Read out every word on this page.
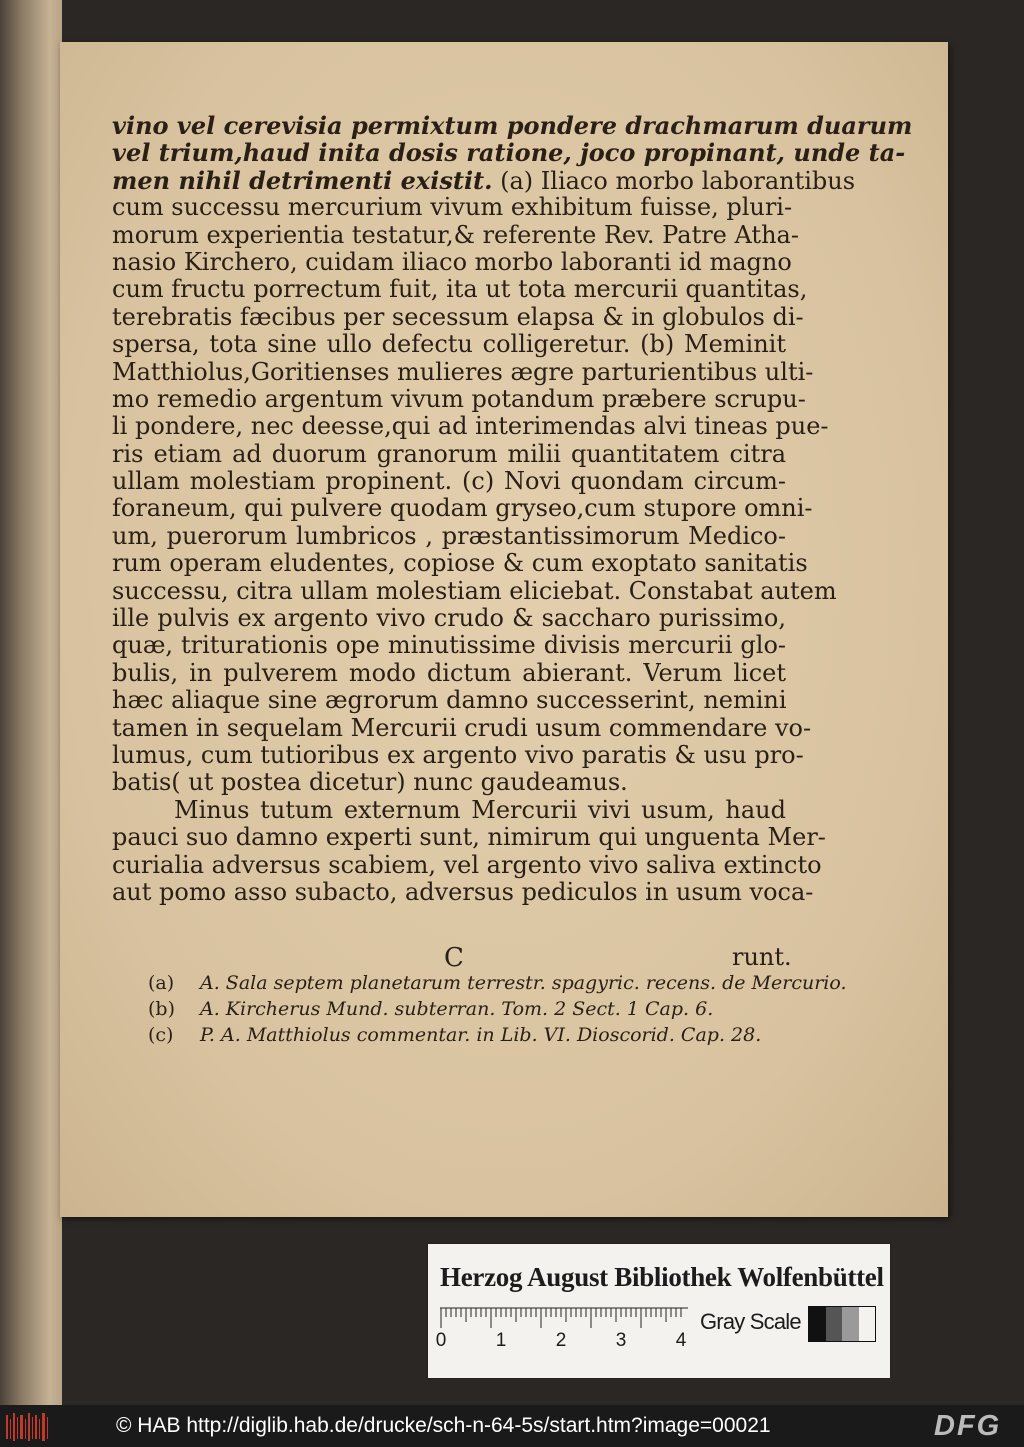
vino vel cerevisia permixtum pondere drachmarum duarum
vel trium,haud inita dosis ratione, joco propinant, unde ta-
men nihil detrimenti existit. (a) Iliaco morbo laborantibus
cum successu mercurium vivum exhibitum fuisse, pluri-
morum experientia testatur,& referente Rev. Patre Atha-
nasio Kirchero, cuidam iliaco morbo laboranti id magno
cum fructu porrectum fuit, ita ut tota mercurii quantitas,
terebratis fæcibus per secessum elapsa & in globulos di-
spersa, tota sine ullo defectu colligeretur. (b) Meminit
Matthiolus,Goritienses mulieres ægre parturientibus ulti-
mo remedio argentum vivum potandum præbere scrupu-
li pondere, nec deesse,qui ad interimendas alvi tineas pue-
ris etiam ad duorum granorum milii quantitatem citra
ullam molestiam propinent. (c) Novi quondam circum-
foraneum, qui pulvere quodam gryseo,cum stupore omni-
um, puerorum lumbricos , præstantissimorum Medico-
rum operam eludentes, copiose & cum exoptato sanitatis
successu, citra ullam molestiam eliciebat. Constabat autem
ille pulvis ex argento vivo crudo & saccharo purissimo,
quæ, triturationis ope minutissime divisis mercurii glo-
bulis, in pulverem modo dictum abierant. Verum licet
hæc aliaque sine ægrorum damno successerint, nemini
tamen in sequelam Mercurii crudi usum commendare vo-
lumus, cum tutioribus ex argento vivo paratis & usu pro-
batis( ut postea dicetur) nunc gaudeamus.
Minus tutum externum Mercurii vivi usum, haud
pauci suo damno experti sunt, nimirum qui unguenta Mer-
curialia adversus scabiem, vel argento vivo saliva extincto
aut pomo asso subacto, adversus pediculos in usum voca-
C	runt.
(a) A. Sala septem planetarum terrestr. spagyric. recens. de Mercurio.
(b) A. Kircherus Mund. subterran. Tom. 2 Sect. 1 Cap. 6.
(c) P. A. Matthiolus commentar. in Lib. VI. Dioscorid. Cap. 28.
Herzog August Bibliothek Wolfenbüttel
0	1	2	3	4
Gray Scale
© HAB http://diglib.hab.de/drucke/sch-n-64-5s/start.htm?image=00021	DFG
